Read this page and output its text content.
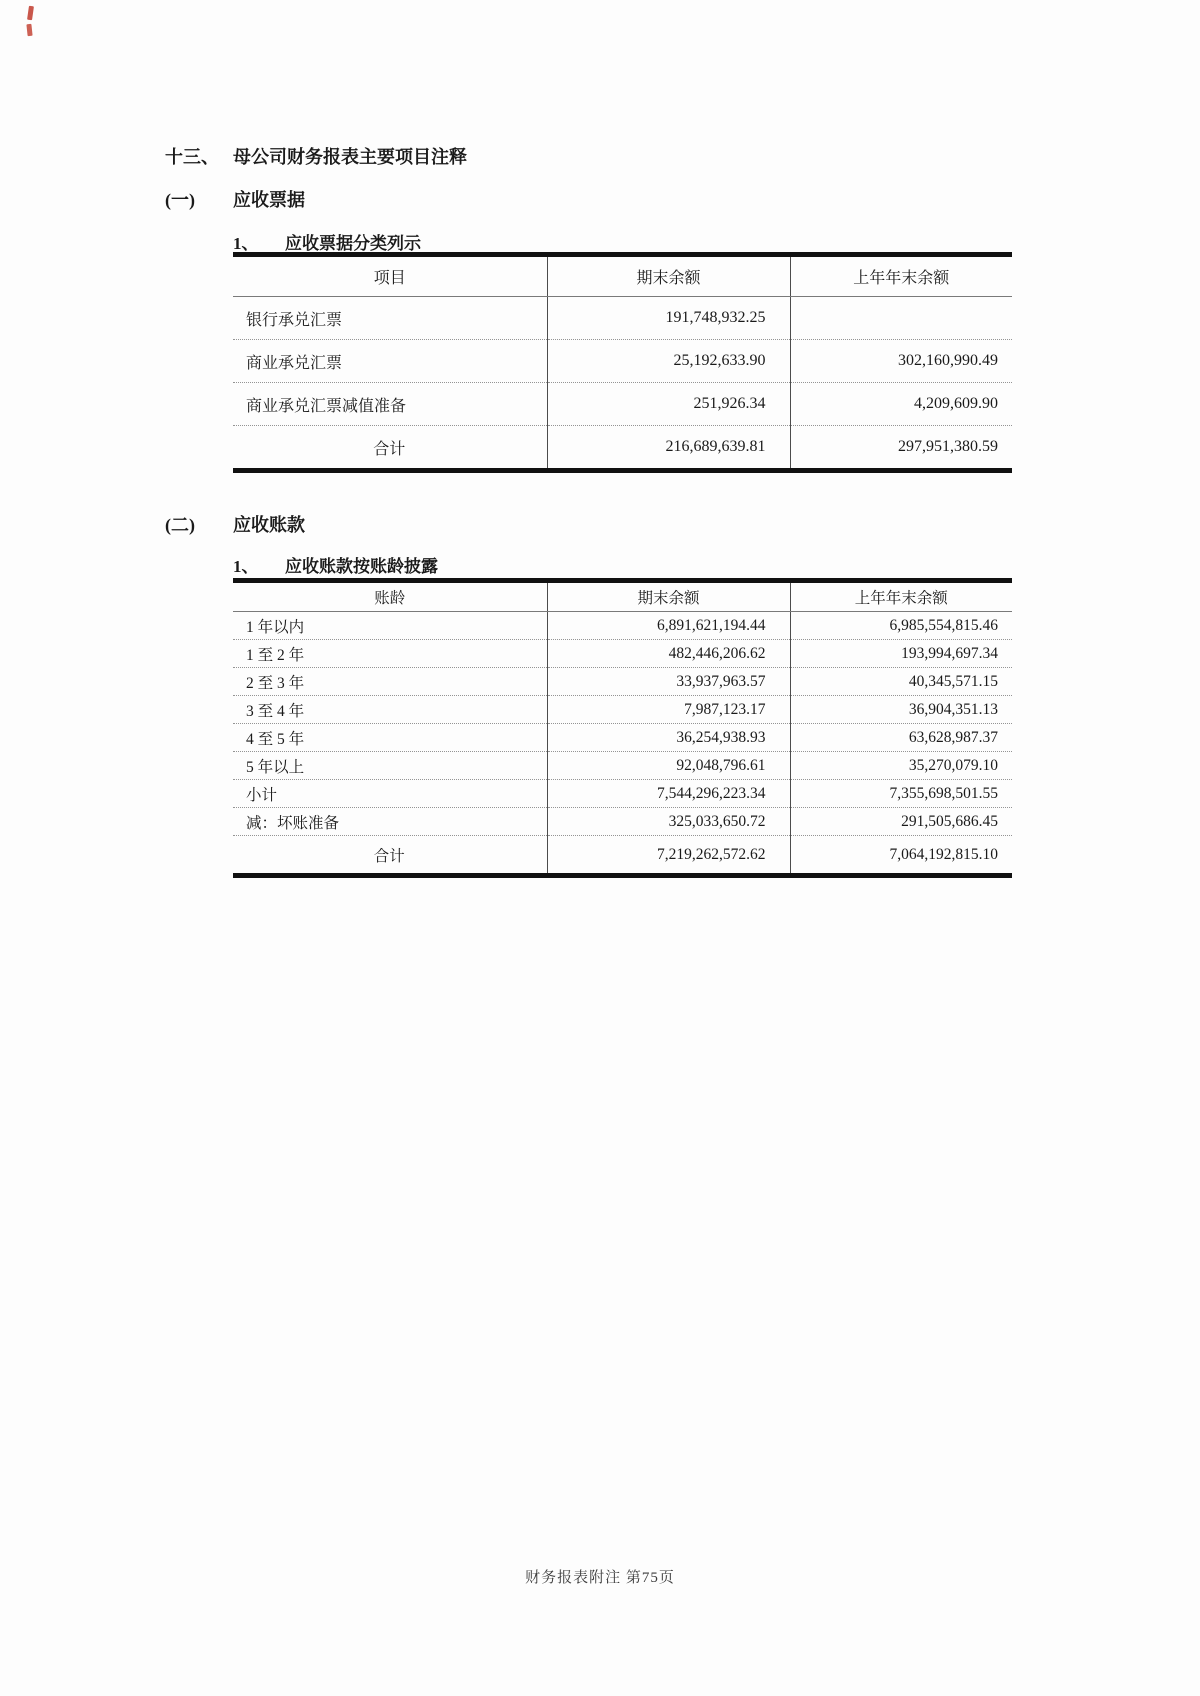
十三、 母公司财务报表主要项目注释
(一) 应收票据
1、 应收票据分类列示
项目	期末余额	上年年末余额
银行承兑汇票	191,748,932.25	
商业承兑汇票	25,192,633.90	302,160,990.49
商业承兑汇票减值准备	251,926.34	4,209,609.90
合计	216,689,639.81	297,951,380.59
(二) 应收账款
1、 应收账款按账龄披露
账龄	期末余额	上年年末余额
1 年以内	6,891,621,194.44	6,985,554,815.46
1 至 2 年	482,446,206.62	193,994,697.34
2 至 3 年	33,937,963.57	40,345,571.15
3 至 4 年	7,987,123.17	36,904,351.13
4 至 5 年	36,254,938.93	63,628,987.37
5 年以上	92,048,796.61	35,270,079.10
小计	7,544,296,223.34	7,355,698,501.55
减：坏账准备	325,033,650.72	291,505,686.45
合计	7,219,262,572.62	7,064,192,815.10
财务报表附注 第75页
